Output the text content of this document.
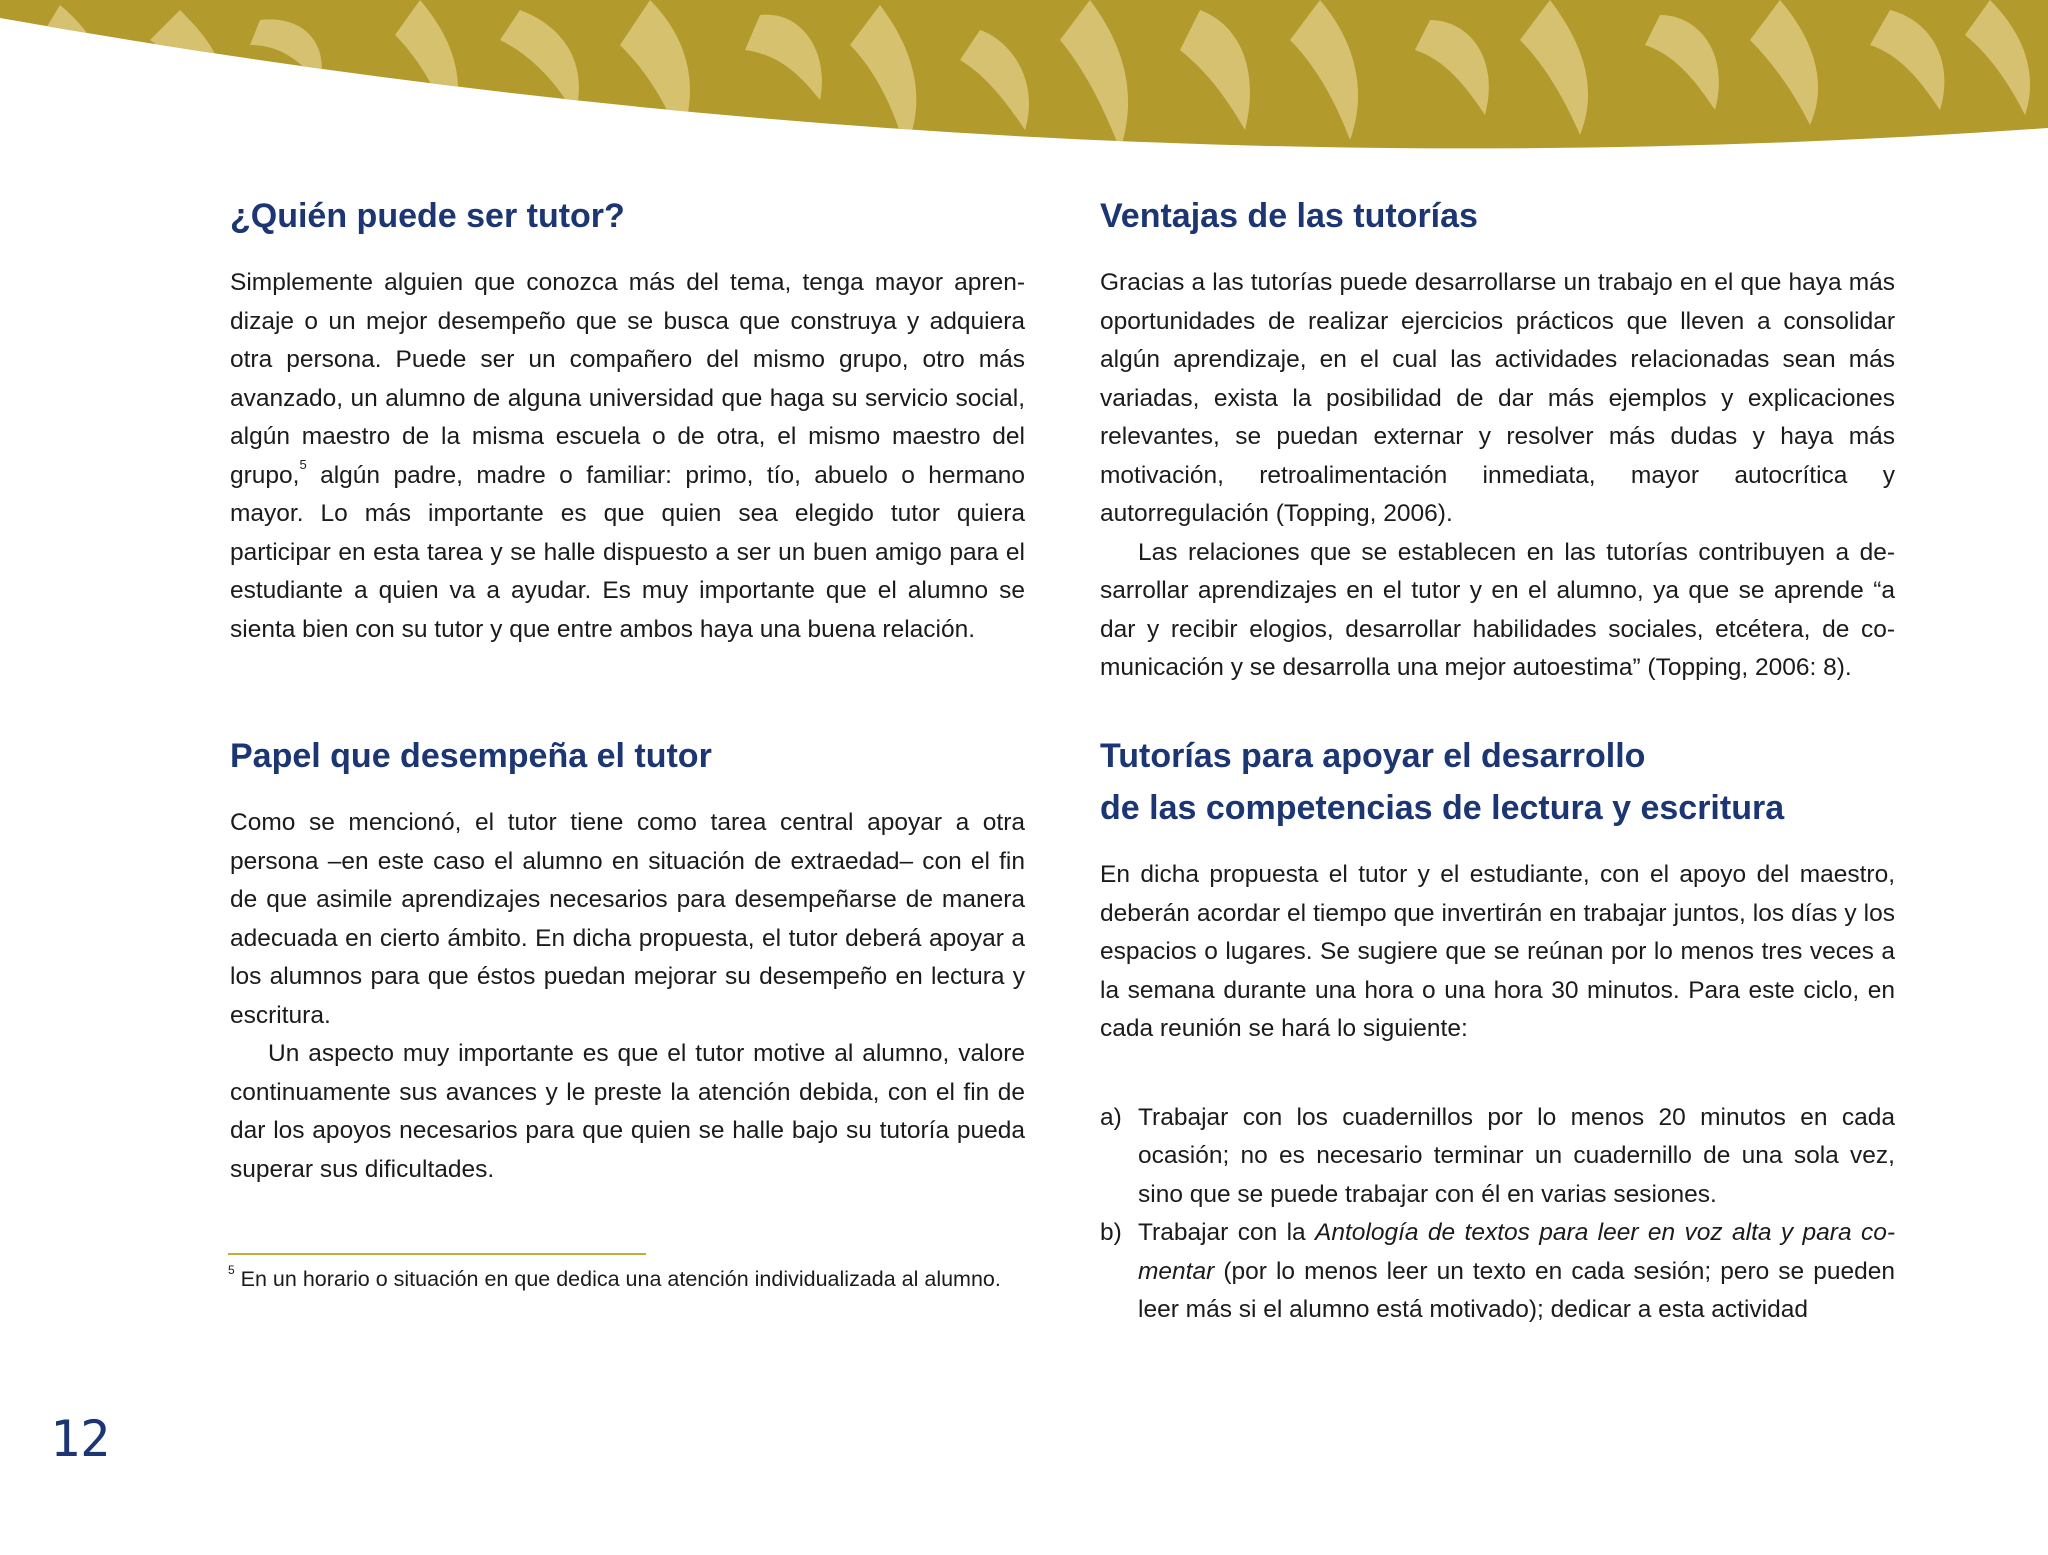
¿Quién puede ser tutor?

Simplemente alguien que conozca más del tema, tenga mayor aprendizaje o un mejor desempeño que se busca que construya y adquiera otra persona. Puede ser un compañero del mismo grupo, otro más avanzado, un alumno de alguna universidad que haga su servicio social, algún maestro de la misma escuela o de otra, el mismo maestro del grupo,$^5$ algún padre, madre o familiar: primo, tío, abuelo o hermano mayor. Lo más importante es que quien sea elegido tutor quiera participar en esta tarea y se halle dispuesto a ser un buen amigo para el estudiante a quien va a ayudar. Es muy importante que el alumno se sienta bien con su tutor y que entre ambos haya una buena relación.

Papel que desempeña el tutor

Como se mencionó, el tutor tiene como tarea central apoyar a otra persona –en este caso el alumno en situación de extraedad– con el fin de que asimile aprendizajes necesarios para desempeñarse de manera adecuada en cierto ámbito. En dicha propuesta, el tutor deberá apoyar a los alumnos para que éstos puedan mejorar su desempeño en lectura y escritura.

Un aspecto muy importante es que el tutor motive al alumno, valore continuamente sus avances y le preste la atención debida, con el fin de dar los apoyos necesarios para que quien se halle bajo su tutoría pueda superar sus dificultades.

$^5$ En un horario o situación en que dedica una atención individualizada al alumno.

Ventajas de las tutorías

Gracias a las tutorías puede desarrollarse un trabajo en el que haya más oportunidades de realizar ejercicios prácticos que lleven a consolidar algún aprendizaje, en el cual las actividades relacionadas sean más variadas, exista la posibilidad de dar más ejemplos y explicaciones relevantes, se puedan externar y resolver más dudas y haya más motivación, retroalimentación inmediata, mayor autocrítica y autorregulación (Topping, 2006).

Las relaciones que se establecen en las tutorías contribuyen a desarrollar aprendizajes en el tutor y en el alumno, ya que se aprende “a dar y recibir elogios, desarrollar habilidades sociales, etcétera, de comunicación y se desarrolla una mejor autoestima” (Topping, 2006: 8).

Tutorías para apoyar el desarrollo
de las competencias de lectura y escritura

En dicha propuesta el tutor y el estudiante, con el apoyo del maestro, deberán acordar el tiempo que invertirán en trabajar juntos, los días y los espacios o lugares. Se sugiere que se reúnan por lo menos tres veces a la semana durante una hora o una hora 30 minutos. Para este ciclo, en cada reunión se hará lo siguiente:

a) Trabajar con los cuadernillos por lo menos 20 minutos en cada ocasión; no es necesario terminar un cuadernillo de una sola vez, sino que se puede trabajar con él en varias sesiones.
b) Trabajar con la Antología de textos para leer en voz alta y para comentar (por lo menos leer un texto en cada sesión; pero se pueden leer más si el alumno está motivado); dedicar a esta actividad

12
